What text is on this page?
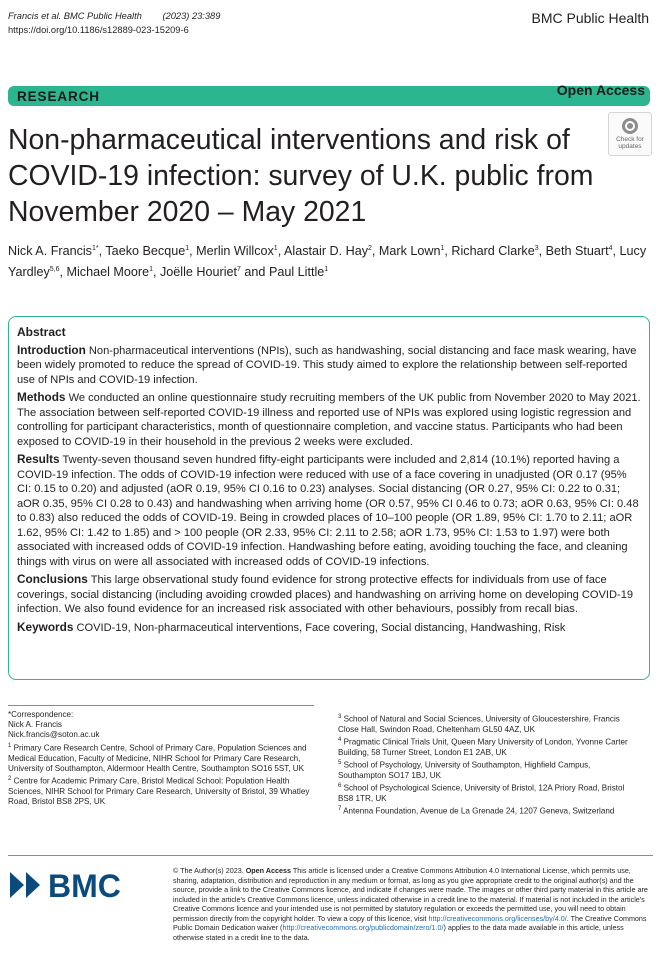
Francis et al. BMC Public Health (2023) 23:389
https://doi.org/10.1186/s12889-023-15209-6
BMC Public Health
RESEARCH	Open Access
Non-pharmaceutical interventions and risk of COVID-19 infection: survey of U.K. public from November 2020 – May 2021
Check for
updates
Nick A. Francis$^{1*}$, Taeko Becque$^1$, Merlin Willcox$^1$, Alastair D. Hay$^2$, Mark Lown$^1$, Richard Clarke$^3$, Beth Stuart$^4$, Lucy Yardley$^{5,6}$, Michael Moore$^1$, Joëlle Houriet$^7$ and Paul Little$^1$
Abstract

Introduction Non-pharmaceutical interventions (NPIs), such as handwashing, social distancing and face mask wearing, have been widely promoted to reduce the spread of COVID-19. This study aimed to explore the relationship between self-reported use of NPIs and COVID-19 infection.

Methods We conducted an online questionnaire study recruiting members of the UK public from November 2020 to May 2021. The association between self-reported COVID-19 illness and reported use of NPIs was explored using logistic regression and controlling for participant characteristics, month of questionnaire completion, and vaccine status. Participants who had been exposed to COVID-19 in their household in the previous 2 weeks were excluded.

Results Twenty-seven thousand seven hundred fifty-eight participants were included and 2,814 (10.1%) reported having a COVID-19 infection. The odds of COVID-19 infection were reduced with use of a face covering in unadjusted (OR 0.17 (95% CI: 0.15 to 0.20) and adjusted (aOR 0.19, 95% CI 0.16 to 0.23) analyses. Social distancing (OR 0.27, 95% CI: 0.22 to 0.31; aOR 0.35, 95% CI 0.28 to 0.43) and handwashing when arriving home (OR 0.57, 95% CI 0.46 to 0.73; aOR 0.63, 95% CI: 0.48 to 0.83) also reduced the odds of COVID-19. Being in crowded places of 10–100 people (OR 1.89, 95% CI: 1.70 to 2.11; aOR 1.62, 95% CI: 1.42 to 1.85) and > 100 people (OR 2.33, 95% CI: 2.11 to 2.58; aOR 1.73, 95% CI: 1.53 to 1.97) were both associated with increased odds of COVID-19 infection. Handwashing before eating, avoiding touching the face, and cleaning things with virus on were all associated with increased odds of COVID-19 infections.

Conclusions This large observational study found evidence for strong protective effects for individuals from use of face coverings, social distancing (including avoiding crowded places) and handwashing on arriving home on developing COVID-19 infection. We also found evidence for an increased risk associated with other behaviours, possibly from recall bias.

Keywords COVID-19, Non-pharmaceutical interventions, Face covering, Social distancing, Handwashing, Risk

*Correspondence:

Nick A. Francis

Nick.francis@soton.ac.uk

$^1$ Primary Care Research Centre, School of Primary Care, Population Sciences and Medical Education, Faculty of Medicine, NIHR School for Primary Care Research, University of Southampton, Aldermoor Health Centre, Southampton SO16 5ST, UK

$^2$ Centre for Academic Primary Care, Bristol Medical School: Population Health Sciences, NIHR School for Primary Care Research, University of Bristol, 39 Whatley Road, Bristol BS8 2PS, UK

$^3$ School of Natural and Social Sciences, University of Gloucestershire, Francis Close Hall, Swindon Road, Cheltenham GL50 4AZ, UK

$^4$ Pragmatic Clinical Trials Unit, Queen Mary University of London, Yvonne Carter Building, 58 Turner Street, London E1 2AB, UK

$^5$ School of Psychology, University of Southampton, Highfield Campus, Southampton SO17 1BJ, UK

$^6$ School of Psychological Science, University of Bristol, 12A Priory Road, Bristol BS8 1TR, UK

$^7$ Antenna Foundation, Avenue de La Grenade 24, 1207 Geneva, Switzerland

BMC	© The Author(s) 2023. Open Access This article is licensed under a Creative Commons Attribution 4.0 International License, which permits use, sharing, adaptation, distribution and reproduction in any medium or format, as long as you give appropriate credit to the original author(s) and the source, provide a link to the Creative Commons licence, and indicate if changes were made. The images or other third party material in this article are included in the article's Creative Commons licence, unless indicated otherwise in a credit line to the material. If material is not included in the article's Creative Commons licence and your intended use is not permitted by statutory regulation or exceeds the permitted use, you will need to obtain permission directly from the copyright holder. To view a copy of this licence, visit http://creativecommons.org/licenses/by/4.0/. The Creative Commons Public Domain Dedication waiver (http://creativecommons.org/publicdomain/zero/1.0/) applies to the data made available in this article, unless otherwise stated in a credit line to the data.
